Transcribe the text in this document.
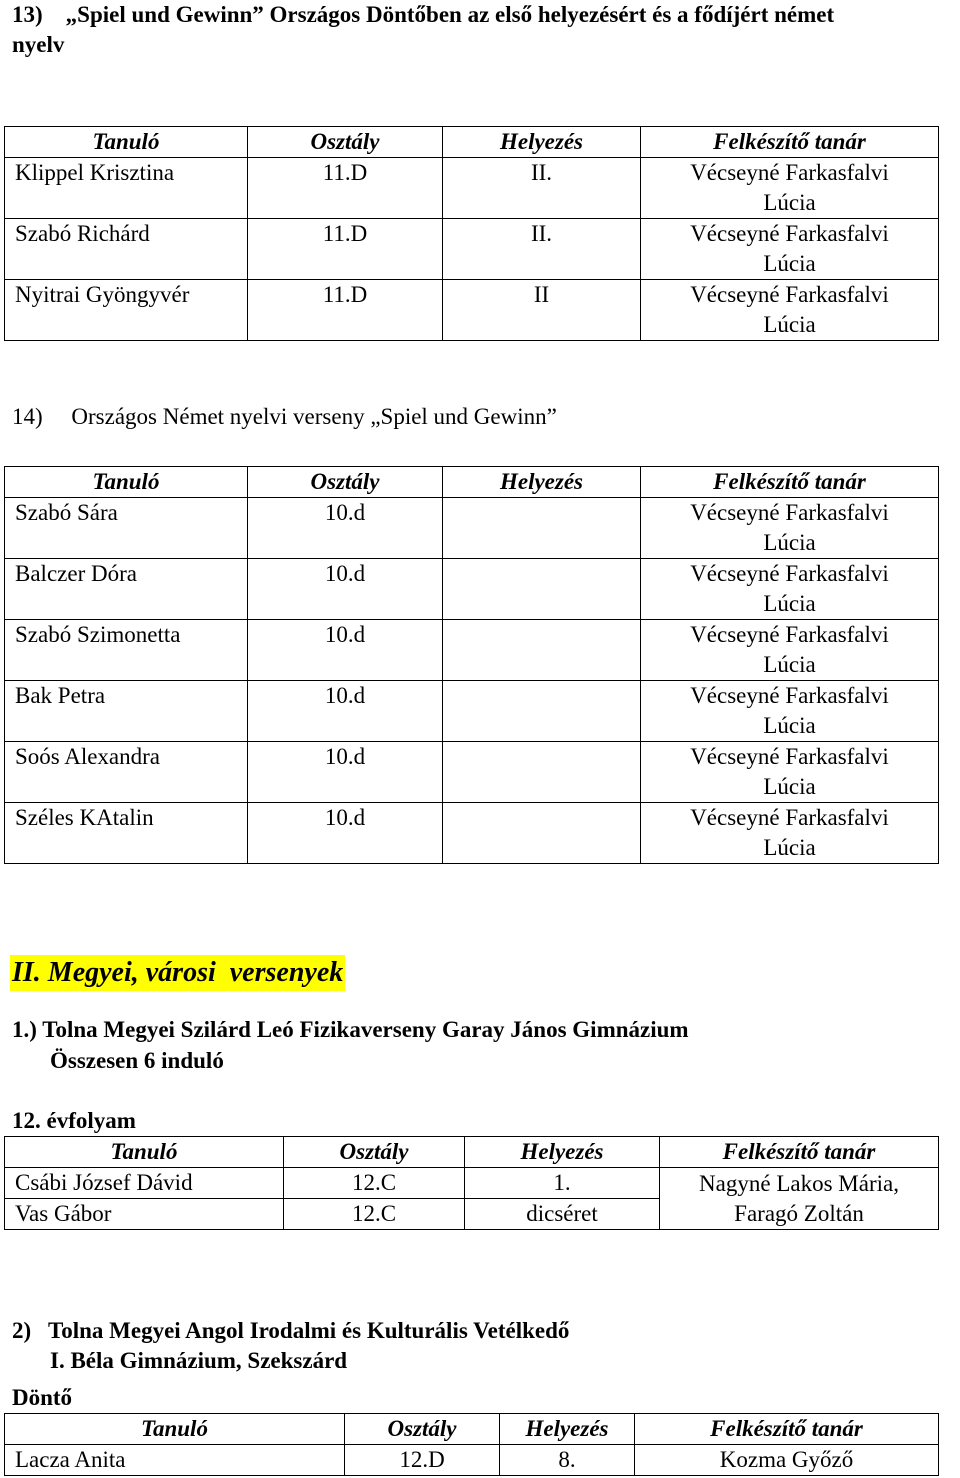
13)    „Spiel und Gewinn” Országos Döntőben az első helyezésért és a fődíjért német
nyelv
Tanuló	Osztály	Helyezés	Felkészítő tanár
Klippel Krisztina	11.D	II.	Vécseyné Farkasfalvi
Lúcia

Szabó Richárd	11.D	II.	Vécseyné Farkasfalvi
Lúcia

Nyitrai Gyöngyvér	11.D	II	Vécseyné Farkasfalvi
Lúcia
14)     Országos Német nyelvi verseny „Spiel und Gewinn”
Tanuló	Osztály	Helyezés	Felkészítő tanár
Szabó Sára	10.d		Vécseyné Farkasfalvi
Lúcia

Balczer Dóra	10.d		Vécseyné Farkasfalvi
Lúcia

Szabó Szimonetta	10.d		Vécseyné Farkasfalvi
Lúcia

Bak Petra	10.d		Vécseyné Farkasfalvi
Lúcia

Soós Alexandra	10.d		Vécseyné Farkasfalvi
Lúcia

Széles KAtalin	10.d		Vécseyné Farkasfalvi
Lúcia
II. Megyei, városi  versenyek
1.) Tolna Megyei Szilárd Leó Fizikaverseny Garay János Gimnázium
Összesen 6 induló
12. évfolyam
Tanuló	Osztály	Helyezés	Felkészítő tanár
Csábi József Dávid	12.C	1.	Nagyné Lakos Mária,
Faragó Zoltán

Vas Gábor	12.C	dicséret	
2)   Tolna Megyei Angol Irodalmi és Kulturális Vetélkedő
I. Béla Gimnázium, Szekszárd
Döntő
Tanuló	Osztály	Helyezés	Felkészítő tanár
Lacza Anita	12.D	8.	Kozma Győző
